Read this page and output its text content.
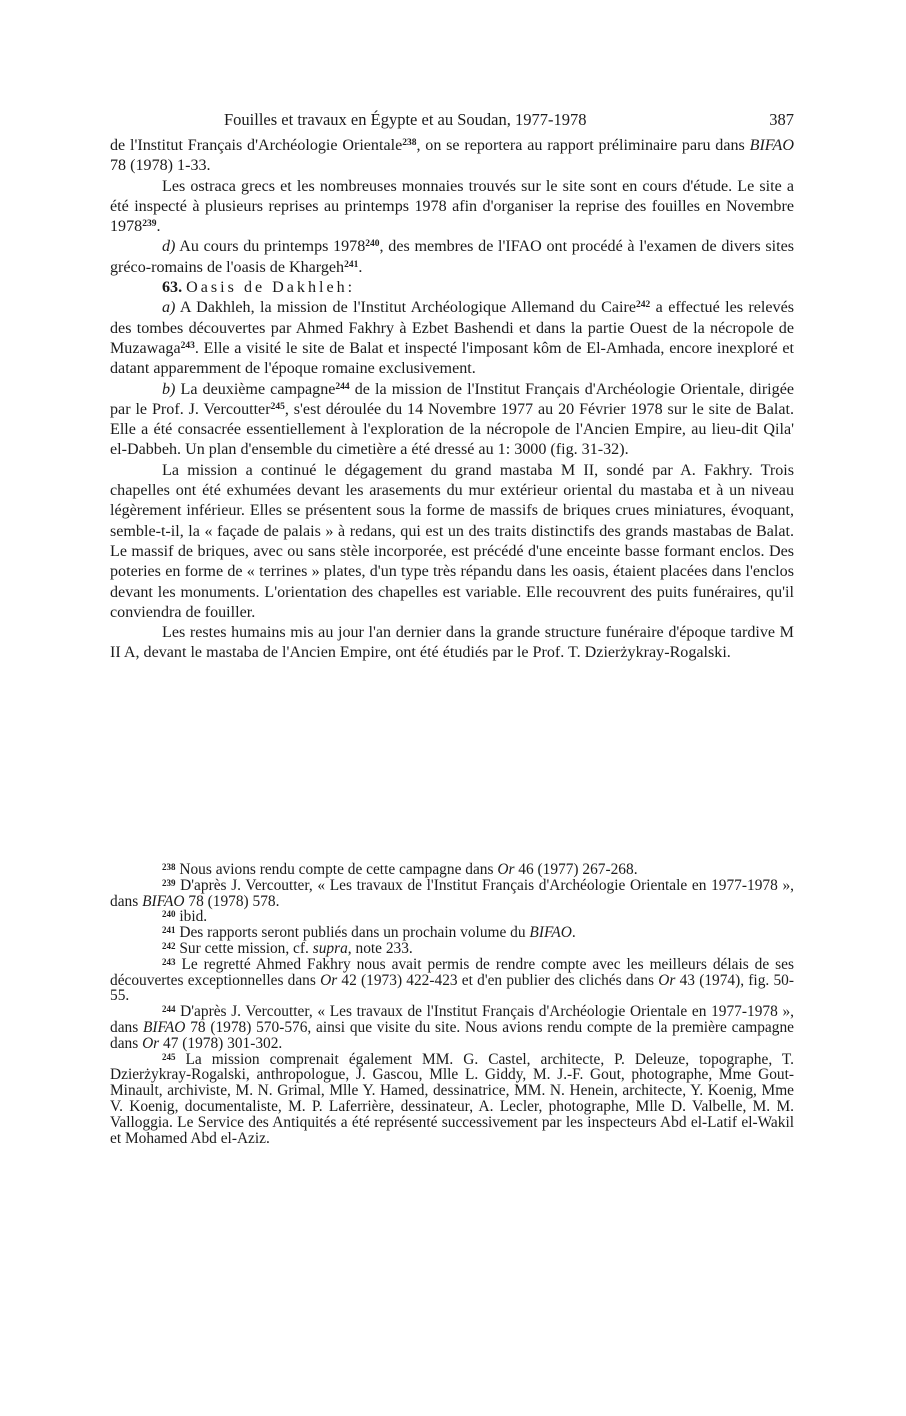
Fouilles et travaux en Égypte et au Soudan, 1977-1978	387

de l'Institut Français d'Archéologie Orientale$^{238}$, on se reportera au rapport préliminaire paru dans BIFAO 78 (1978) 1-33.

Les ostraca grecs et les nombreuses monnaies trouvés sur le site sont en cours d'étude. Le site a été inspecté à plusieurs reprises au printemps 1978 afin d'organiser la reprise des fouilles en Novembre 1978$^{239}$.

d) Au cours du printemps 1978$^{240}$, des membres de l'IFAO ont procédé à l'examen de divers sites gréco-romains de l'oasis de Khargeh$^{241}$.

63. Oasis de Dakhleh:

a) A Dakhleh, la mission de l'Institut Archéologique Allemand du Caire$^{242}$ a effectué les relevés des tombes découvertes par Ahmed Fakhry à Ezbet Bashendi et dans la partie Ouest de la nécropole de Muzawaga$^{243}$. Elle a visité le site de Balat et inspecté l'imposant kôm de El-Amhada, encore inexploré et datant apparemment de l'époque romaine exclusivement.

b) La deuxième campagne$^{244}$ de la mission de l'Institut Français d'Archéologie Orientale, dirigée par le Prof. J. Vercoutter$^{245}$, s'est déroulée du 14 Novembre 1977 au 20 Février 1978 sur le site de Balat. Elle a été consacrée essentiellement à l'exploration de la nécropole de l'Ancien Empire, au lieu-dit Qila' el-Dabbeh. Un plan d'ensemble du cimetière a été dressé au 1: 3000 (fig. 31-32).

La mission a continué le dégagement du grand mastaba M II, sondé par A. Fakhry. Trois chapelles ont été exhumées devant les arasements du mur extérieur oriental du mastaba et à un niveau légèrement inférieur. Elles se présentent sous la forme de massifs de briques crues miniatures, évoquant, semble-t-il, la « façade de palais » à redans, qui est un des traits distinctifs des grands mastabas de Balat. Le massif de briques, avec ou sans stèle incorporée, est précédé d'une enceinte basse formant enclos. Des poteries en forme de « terrines » plates, d'un type très répandu dans les oasis, étaient placées dans l'enclos devant les monuments. L'orientation des chapelles est variable. Elle recouvrent des puits funéraires, qu'il conviendra de fouiller.

Les restes humains mis au jour l'an dernier dans la grande structure funéraire d'époque tardive M II A, devant le mastaba de l'Ancien Empire, ont été étudiés par le Prof. T. Dzierżykray-Rogalski.

$^{238}$ Nous avions rendu compte de cette campagne dans Or 46 (1977) 267-268.

$^{239}$ D'après J. Vercoutter, « Les travaux de l'Institut Français d'Archéologie Orientale en 1977-1978 », dans BIFAO 78 (1978) 578.

$^{240}$ ibid.

$^{241}$ Des rapports seront publiés dans un prochain volume du BIFAO.

$^{242}$ Sur cette mission, cf. supra, note 233.

$^{243}$ Le regretté Ahmed Fakhry nous avait permis de rendre compte avec les meilleurs délais de ses découvertes exceptionnelles dans Or 42 (1973) 422-423 et d'en publier des clichés dans Or 43 (1974), fig. 50-55.

$^{244}$ D'après J. Vercoutter, « Les travaux de l'Institut Français d'Archéologie Orientale en 1977-1978 », dans BIFAO 78 (1978) 570-576, ainsi que visite du site. Nous avions rendu compte de la première campagne dans Or 47 (1978) 301-302.

$^{245}$ La mission comprenait également MM. G. Castel, architecte, P. Deleuze, topographe, T. Dzierżykray-Rogalski, anthropologue, J. Gascou, Mlle L. Giddy, M. J.-F. Gout, photographe, Mme Gout-Minault, archiviste, M. N. Grimal, Mlle Y. Hamed, dessinatrice, MM. N. Henein, architecte, Y. Koenig, Mme V. Koenig, documentaliste, M. P. Laferrière, dessinateur, A. Lecler, photographe, Mlle D. Valbelle, M. M. Valloggia. Le Service des Antiquités a été représenté successivement par les inspecteurs Abd el-Latif el-Wakil et Mohamed Abd el-Aziz.
